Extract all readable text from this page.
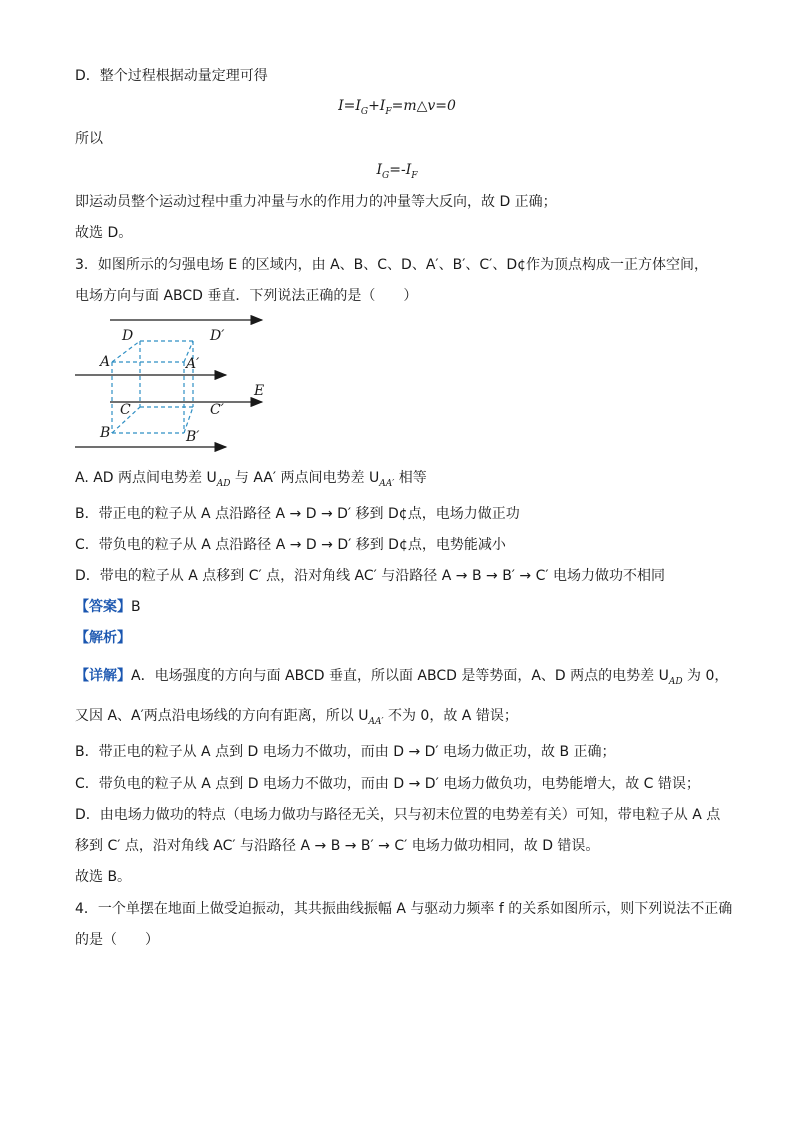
D．整个过程根据动量定理可得
$I=I_G+I_F=m\triangle v=0$
所以
$I_G=-I_F$
即运动员整个运动过程中重力冲量与水的作用力的冲量等大反向，故 D 正确；
故选 D。
3．如图所示的匀强电场 E 的区域内，由 A、B、C、D、A′、B′、C′、D¢作为顶点构成一正方体空间，
电场方向与面 ABCD 垂直．下列说法正确的是（　　）
D	D′
A	A′
E
C	C′
B	B′
A. AD 两点间电势差 $U_{AD}$ 与 AA′ 两点间电势差 $U_{AA'}$ 相等
B．带正电的粒子从 A 点沿路径 A → D → D′ 移到 D¢点，电场力做正功
C．带负电的粒子从 A 点沿路径 A → D → D′ 移到 D¢点，电势能减小
D．带电的粒子从 A 点移到 C′ 点，沿对角线 AC′ 与沿路径 A → B → B′ → C′ 电场力做功不相同
【答案】B
【解析】
【详解】A．电场强度的方向与面 ABCD 垂直，所以面 ABCD 是等势面，A、D 两点的电势差 $U_{AD}$ 为 0，
又因 A、A′两点沿电场线的方向有距离，所以 $U_{AA'}$ 不为 0，故 A 错误；
B．带正电的粒子从 A 点到 D 电场力不做功，而由 D → D′ 电场力做正功，故 B 正确；
C．带负电的粒子从 A 点到 D 电场力不做功，而由 D → D′ 电场力做负功，电势能增大，故 C 错误；
D．由电场力做功的特点（电场力做功与路径无关，只与初末位置的电势差有关）可知，带电粒子从 A 点
移到 C′ 点，沿对角线 AC′ 与沿路径 A → B → B′ → C′ 电场力做功相同，故 D 错误。
故选 B。
4．一个单摆在地面上做受迫振动，其共振曲线振幅 A 与驱动力频率 f 的关系如图所示，则下列说法不正确
的是（　　）
